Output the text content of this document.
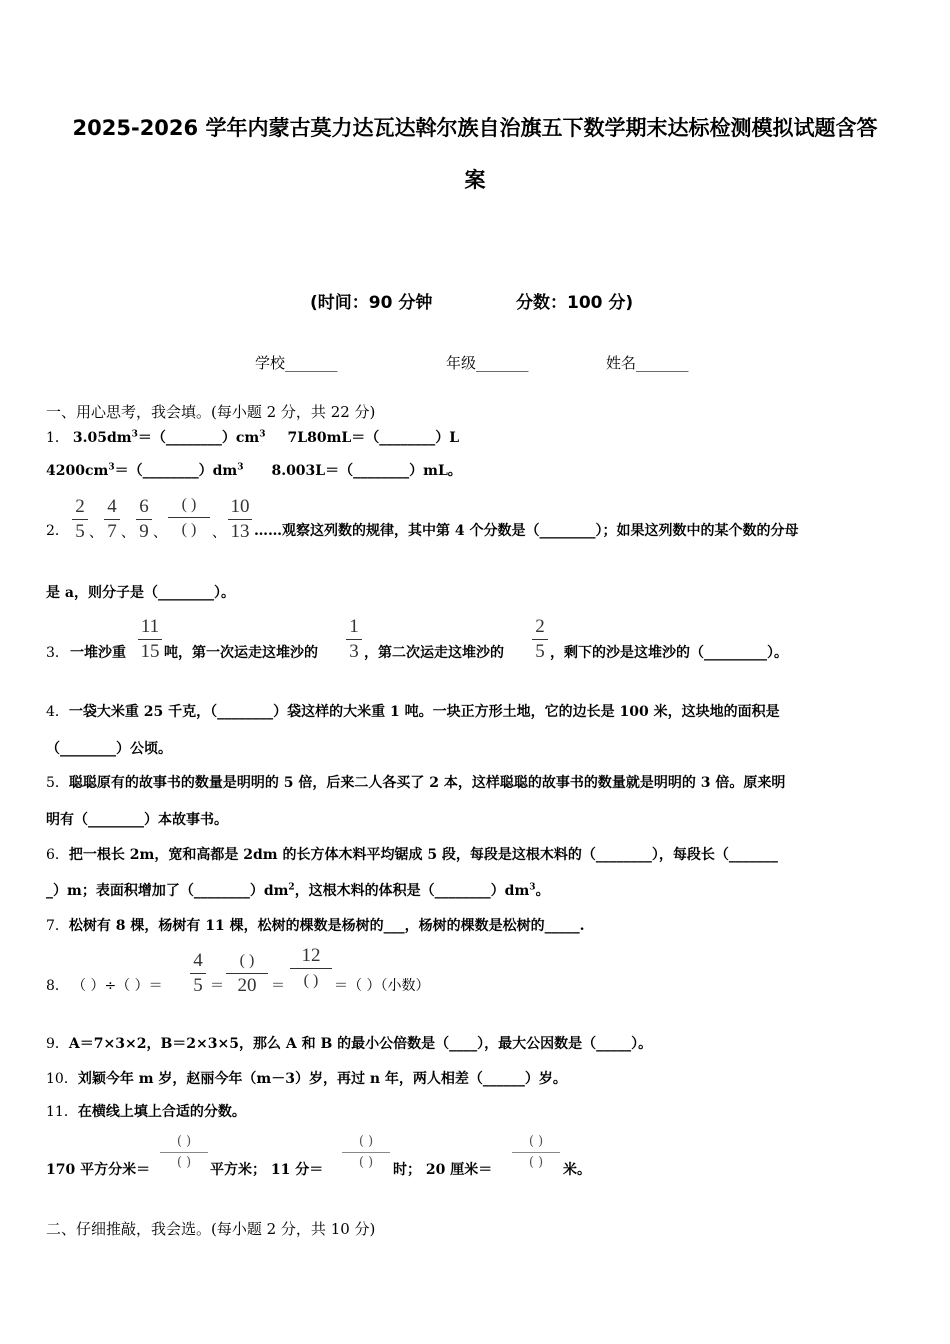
2025-2026 学年内蒙古莫力达瓦达斡尔族自治旗五下数学期末达标检测模拟试题含答
案
(时间：90 分钟	分数：100 分)
学校_______	年级_______	姓名_______
一、用心思考，我会填。(每小题 2 分，共 22 分)
1． $3.05dm^3=(\_\_\_\_\_\_\_\_)cm^3$ 7L80mL＝（________）L
$4200cm^3=(\_\_\_\_\_\_\_\_)dm^3$ 8.003L＝（________）mL。
2．
2
5 、
4
7 、
6
9 、
( )
( )	、
10
13 ……观察这列数的规律，其中第 4 个分数是（________）；如果这列数中的某个数的分母
是 a，则分子是（________）。
3． 一堆沙重
11
15 吨，第一次运走这堆沙的
1
3 ，第二次运走这堆沙的
2
5 ，剩下的沙是这堆沙的（_________）。
4．一袋大米重 25 千克，（________）袋这样的大米重 1 吨。一块正方形土地，它的边长是 100 米，这块地的面积是
（________）公顷。
5．聪聪原有的故事书的数量是明明的 5 倍，后来二人各买了 2 本，这样聪聪的故事书的数量就是明明的 3 倍。原来明
明有（________）本故事书。
6．把一根长 2m，宽和高都是 2dm 的长方体木料平均锯成 5 段，每段是这根木料的（________），每段长（_______
_）m；表面积增加了$(\_\_\_\_\_\_\_\_)dm^2$，这根木料的体积是$(\_\_\_\_\_\_\_\_)dm^3$。
7．松树有 8 棵，杨树有 11 棵，松树的棵数是杨树的___，杨树的棵数是松树的_____.
8． （ ）÷（ ）＝
4
5 ＝
( )
20	＝
12
( )	＝（ ）（小数）
9．A＝7×3×2，B＝2×3×5，那么 A 和 B 的最小公倍数是（____），最大公因数是（_____）。
10．刘颖今年 m 岁，赵丽今年（m－3）岁，再过 n 年，两人相差（______）岁。
11．在横线上填上合适的分数。
170 平方分米＝
( )
( )	平方米； 11 分＝
( )
( )	时； 20 厘米＝
( )
( )	米。
二、仔细推敲，我会选。(每小题 2 分，共 10 分)
